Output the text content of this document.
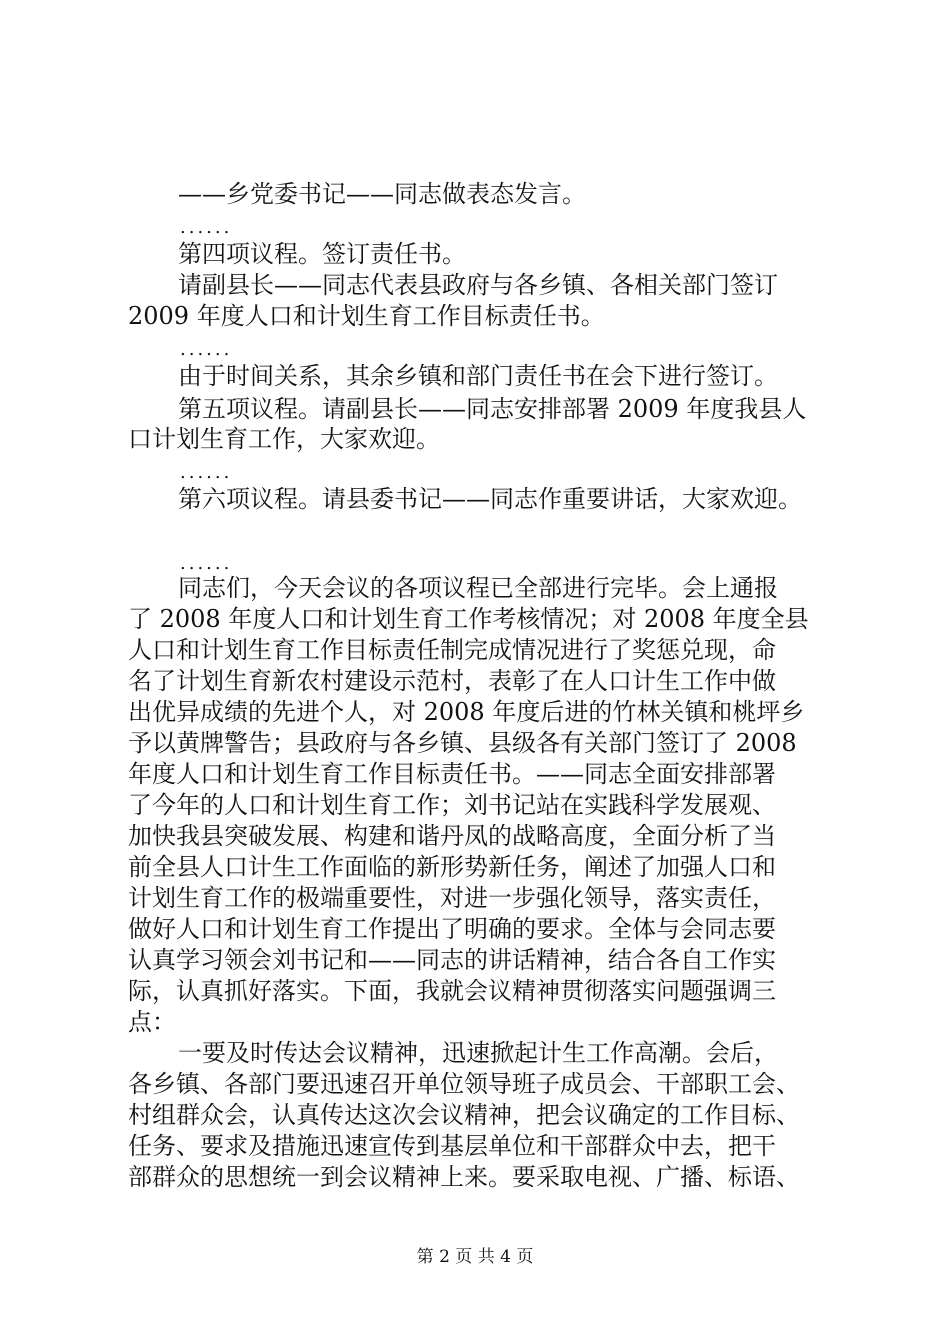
——乡党委书记——同志做表态发言。
......
第四项议程。签订责任书。
请副县长——同志代表县政府与各乡镇、各相关部门签订
2009 年度人口和计划生育工作目标责任书。
......
由于时间关系，其余乡镇和部门责任书在会下进行签订。
第五项议程。请副县长——同志安排部署 2009 年度我县人
口计划生育工作，大家欢迎。
......
第六项议程。请县委书记——同志作重要讲话，大家欢迎。
......
同志们，今天会议的各项议程已全部进行完毕。会上通报
了 2008 年度人口和计划生育工作考核情况；对 2008 年度全县
人口和计划生育工作目标责任制完成情况进行了奖惩兑现，命
名了计划生育新农村建设示范村，表彰了在人口计生工作中做
出优异成绩的先进个人，对 2008 年度后进的竹林关镇和桃坪乡
予以黄牌警告；县政府与各乡镇、县级各有关部门签订了 2008
年度人口和计划生育工作目标责任书。——同志全面安排部署
了今年的人口和计划生育工作；刘书记站在实践科学发展观、
加快我县突破发展、构建和谐丹凤的战略高度，全面分析了当
前全县人口计生工作面临的新形势新任务，阐述了加强人口和
计划生育工作的极端重要性，对进一步强化领导，落实责任，
做好人口和计划生育工作提出了明确的要求。全体与会同志要
认真学习领会刘书记和——同志的讲话精神，结合各自工作实
际，认真抓好落实。下面，我就会议精神贯彻落实问题强调三
点：
一要及时传达会议精神，迅速掀起计生工作高潮。会后，
各乡镇、各部门要迅速召开单位领导班子成员会、干部职工会、
村组群众会，认真传达这次会议精神，把会议确定的工作目标、
任务、要求及措施迅速宣传到基层单位和干部群众中去，把干
部群众的思想统一到会议精神上来。要采取电视、广播、标语、
第 2 页 共 4 页
